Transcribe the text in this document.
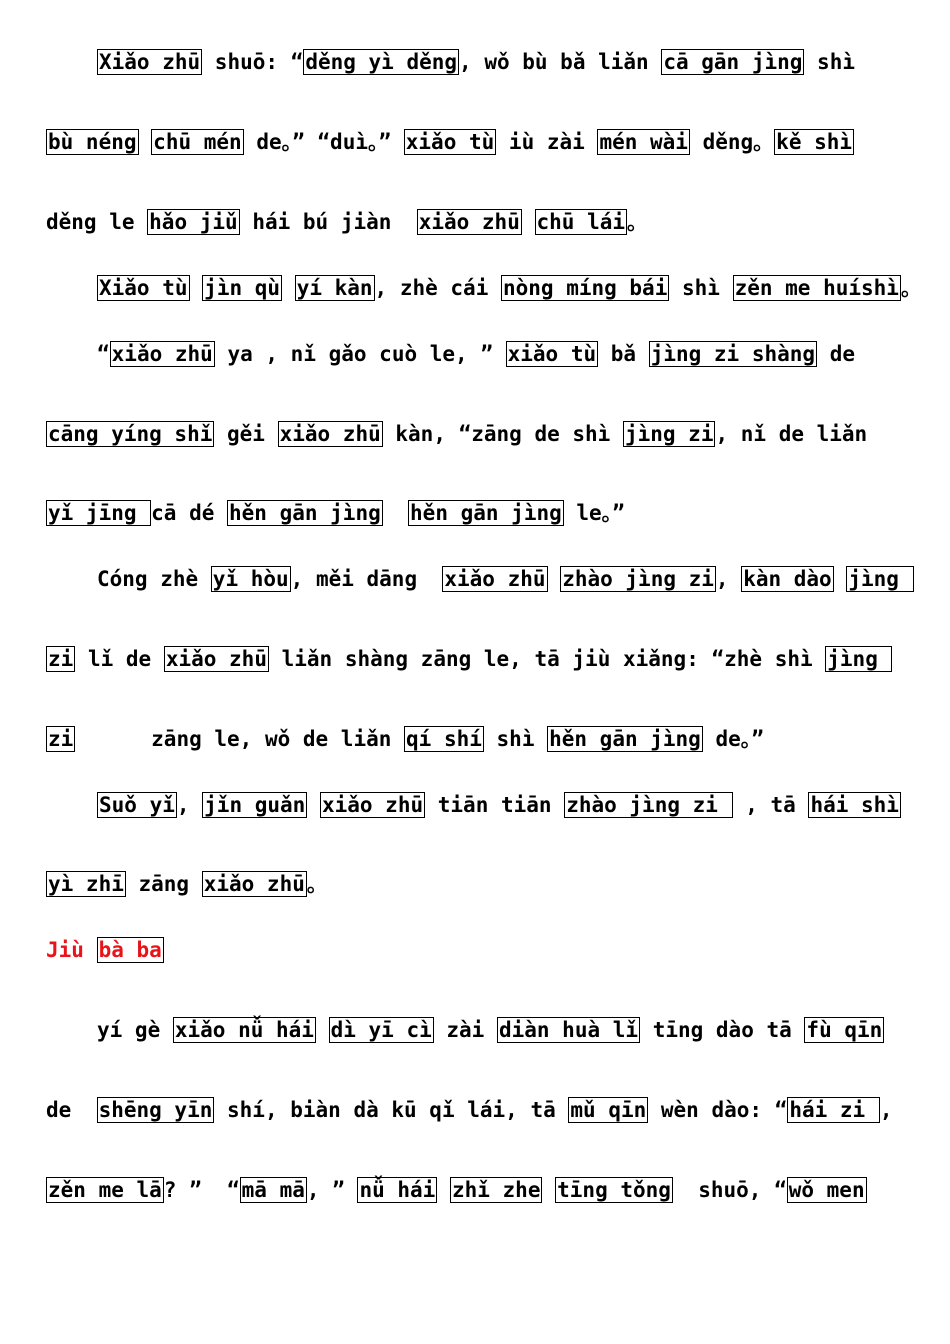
Xiǎo zhū shuō: “děng yì děng, wǒ bù bǎ liǎn cā gān jìng shì
bù néng chū mén de。” “duì。” xiǎo tù iù zài mén wài děng。kě shì
děng le hǎo jiǔ hái bú jiàn  xiǎo zhū chū lái。
Xiǎo tù jìn qù yí kàn, zhè cái nòng míng bái shì zěn me huíshì。
“xiǎo zhū ya , nǐ gǎo cuò le, ” xiǎo tù bǎ jìng zi shàng de
cāng yíng shǐ gěi xiǎo zhū kàn, “zāng de shì jìng zi, nǐ de liǎn
yǐ jīng cā dé hěn gān jìng hěn gān jìng le。”
Cóng zhè yǐ hòu, měi dāng  xiǎo zhū zhào jìng zi, kàn dào jìng
zi lǐ de xiǎo zhū liǎn shàng zāng le, tā jiù xiǎng: “zhè shì jìng
zi      zāng le, wǒ de liǎn qí shí shì hěn gān jìng de。”
Suǒ yǐ, jǐn guǎn xiǎo zhū tiān tiān zhào jìng zi  , tā hái shì
yì zhī zāng xiǎo zhū。
Jiù bà ba
yí gè xiǎo nǚ hái dì yī cì zài diàn huà lǐ tīng dào tā fù qīn
de  shēng yīn shí, biàn dà kū qǐ lái, tā mǔ qīn wèn dào: “hái zi ,
zěn me lā? ”  “mā mā, ” nǚ hái zhǐ zhe tīng tǒng  shuō, “wǒ men
